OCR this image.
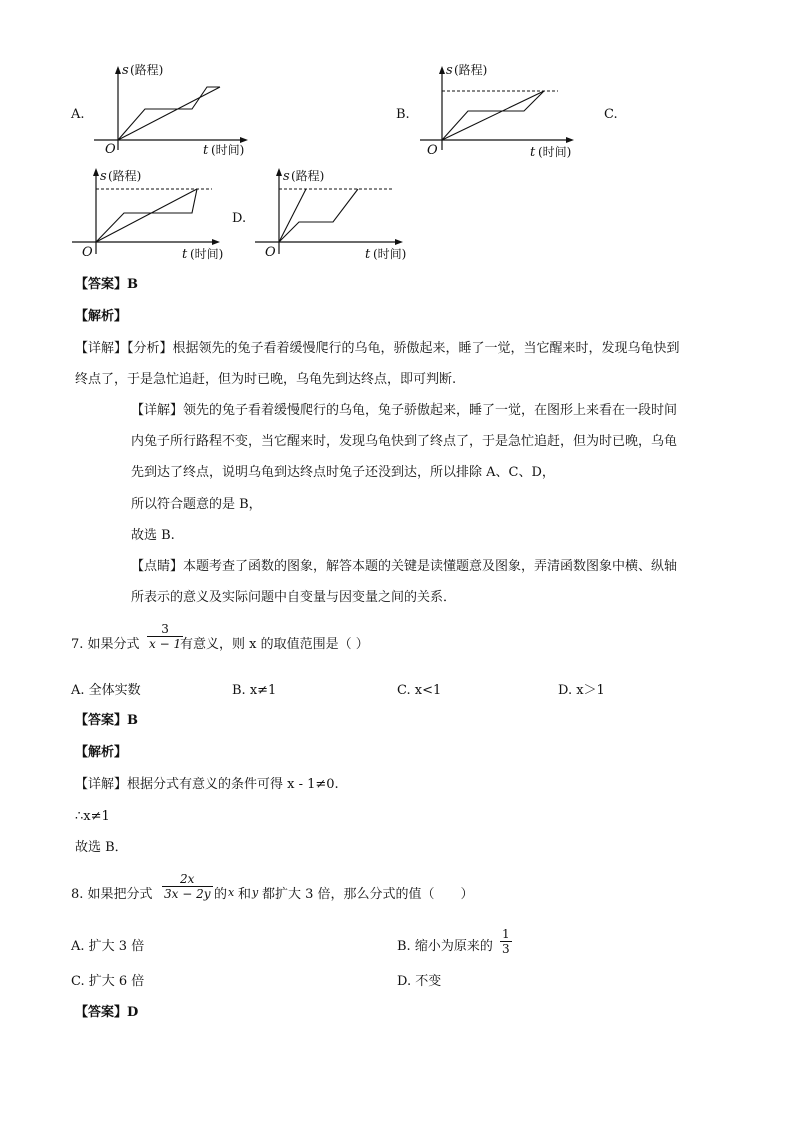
A.
s (路程)
O	t (时间)
B.
s (路程)
O	t (时间)
C.
s (路程)
O	t (时间)
D.
s (路程)
O	t (时间)
【答案】B
【解析】
【详解】【分析】根据领先的兔子看着缓慢爬行的乌龟，骄傲起来，睡了一觉，当它醒来时，发现乌龟快到
终点了，于是急忙追赶，但为时已晚，乌龟先到达终点，即可判断.
【详解】领先的兔子看着缓慢爬行的乌龟，兔子骄傲起来，睡了一觉，在图形上来看在一段时间
内兔子所行路程不变，当它醒来时，发现乌龟快到了终点了，于是急忙追赶，但为时已晚，乌龟
先到达了终点，说明乌龟到达终点时兔子还没到达，所以排除 A、C、D，
所以符合题意的是 B，
故选 B.
【点睛】本题考查了函数的图象，解答本题的关键是读懂题意及图象，弄清函数图象中横、纵轴
所表示的意义及实际问题中自变量与因变量之间的关系．
7. 如果分式 $\frac{3}{x - 1}$
有意义，则 x 的取值范围是（ ）
A. 全体实数	B. x≠1	C. x<1	D. x＞1
【答案】B
【解析】
【详解】根据分式有意义的条件可得 x - 1≠0.
∴x≠1
故选 B．
8. 如果把分式 $\frac{2x}{3x - 2y}$ 的 x 和 y 都扩大 3 倍，那么分式的值（　　）
A. 扩大 3 倍	B. 缩小为原来的 $\frac{1}{3}$
C. 扩大 6 倍	D. 不变
【答案】D
